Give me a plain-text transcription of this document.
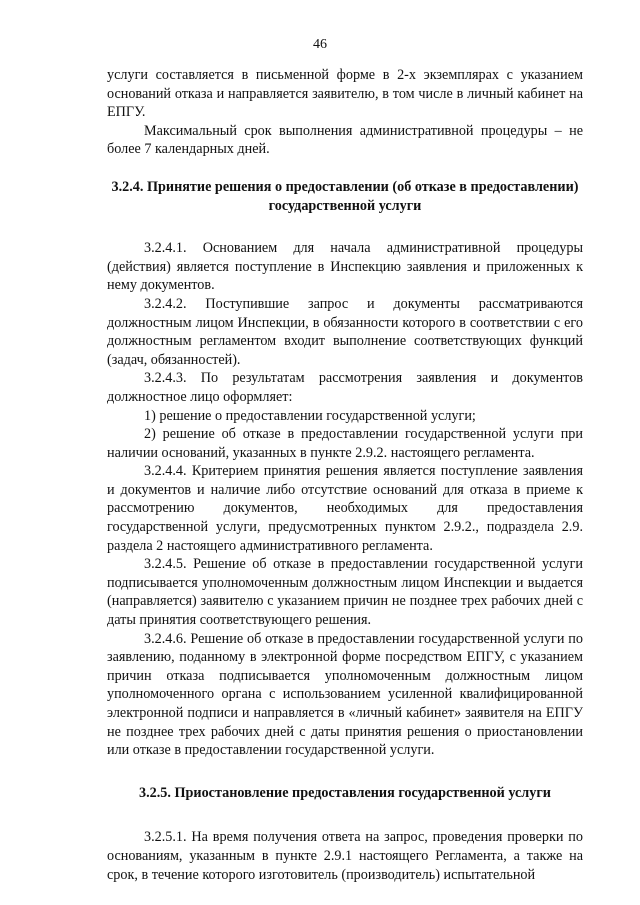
46

услуги составляется в письменной форме в 2-х экземплярах с указанием оснований отказа и направляется заявителю, в том числе в личный кабинет на ЕПГУ.

Максимальный срок выполнения административной процедуры – не более 7 календарных дней.

3.2.4. Принятие решения о предоставлении (об отказе в предоставлении) государственной услуги

3.2.4.1. Основанием для начала административной процедуры (действия) является поступление в Инспекцию заявления и приложенных к нему документов.

3.2.4.2. Поступившие запрос и документы рассматриваются должностным лицом Инспекции, в обязанности которого в соответствии с его должностным регламентом входит выполнение соответствующих функций (задач, обязанностей).

3.2.4.3. По результатам рассмотрения заявления и документов должностное лицо оформляет:

1) решение о предоставлении государственной услуги;

2) решение об отказе в предоставлении государственной услуги при наличии оснований, указанных в пункте 2.9.2. настоящего регламента.

3.2.4.4. Критерием принятия решения является поступление заявления и документов и наличие либо отсутствие оснований для отказа в приеме к рассмотрению документов, необходимых для предоставления государственной услуги, предусмотренных пунктом 2.9.2., подраздела 2.9. раздела 2 настоящего административного регламента.

3.2.4.5. Решение об отказе в предоставлении государственной услуги подписывается уполномоченным должностным лицом Инспекции и выдается (направляется) заявителю с указанием причин не позднее трех рабочих дней с даты принятия соответствующего решения.

3.2.4.6. Решение об отказе в предоставлении государственной услуги по заявлению, поданному в электронной форме посредством ЕПГУ, с указанием причин отказа подписывается уполномоченным должностным лицом уполномоченного органа с использованием усиленной квалифицированной электронной подписи и направляется в «личный кабинет» заявителя на ЕПГУ не позднее трех рабочих дней с даты принятия решения о приостановлении или отказе в предоставлении государственной услуги.

3.2.5. Приостановление предоставления государственной услуги

3.2.5.1. На время получения ответа на запрос, проведения проверки по основаниям, указанным в пункте 2.9.1 настоящего Регламента, а также на срок, в течение которого изготовитель (производитель) испытательной
